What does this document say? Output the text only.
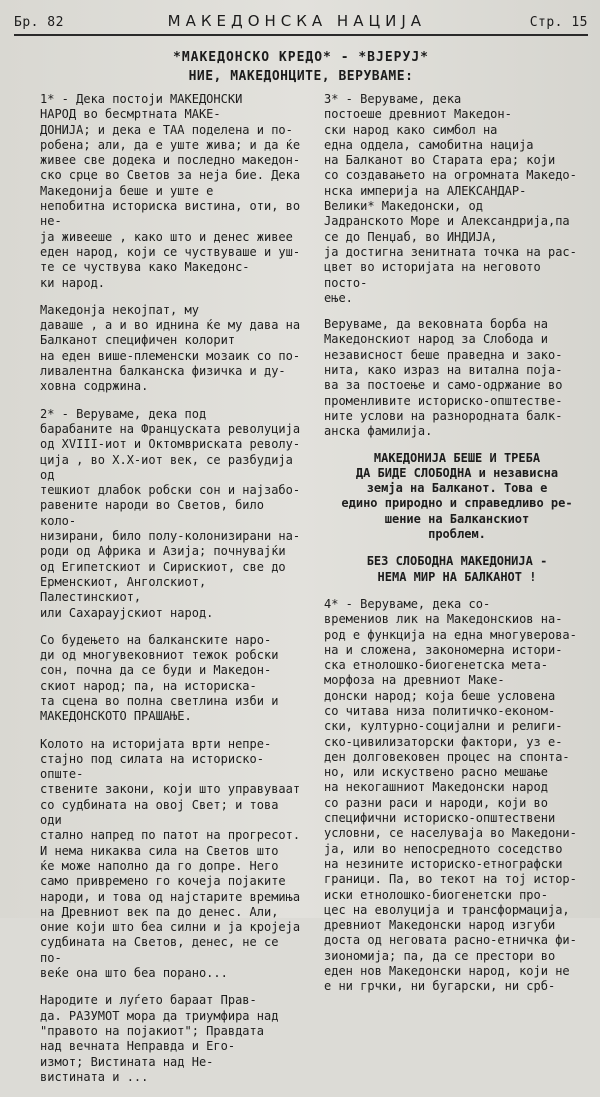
Бр. 82	МАКЕДОНСКА НАЦИЈА	Стр. 15
*МАКЕДОНСКО КРЕДО* - *ВЈЕРУЈ*
НИЕ, МАКЕДОНЦИТЕ, ВЕРУВАМЕ:

1* - Дека постоји МАКЕДОНСКИ
НАРОД во бесмртната МАКЕ-
ДОНИЈА; и дека е ТАА поделена и по-
робена; али, да е уште жива; и да ќе
живее све додека и последно македон-
ско срце во Светов за неја бие. Дека
Македонија беше и уште е
непобитна историска вистина, оти, во не-
ја живееше , како што и денес живее
еден народ, који се чуствуваше и уш-
те се чуствува како Македонс-
ки народ.

Македонја некојпат, му
даваше , а и во иднина ќе му дава на
Балканот специфичен колорит
на еден више-племенски мозаик со по-
ливалентна балканска физичка и ду-
ховна содржина.

2* - Веруваме, дека под
барабаните на Француската револуција
од XVIII-иот и Октомвриската револу-
ција , во X.X-иот век, се разбудија од
тешкиот длабок робски сон и најзабо-
равените народи во Светов, било коло-
низирани, било полу-колонизирани на-
роди од Африка и Азија; почнувајќи
од Египетскиот и Сирискиот, све до
Ерменскиот, Анголскиот, Палестинскиот,
или Сахараујскиот народ.

Со будењето на балканските наро-
ди од многувековниот тежок робски
сон, почна да се буди и Македон-
скиот народ; па, на историска-
та сцена во полна светлина изби и
МАКЕДОНСКОТО ПРАШАЊЕ.

Колото на историјата врти непре-
стајно под силата на историско-опште-
ствените закони, који што управуваат
со судбината на овој Свет; и това оди
стално напред по патот на прогресот.
И нема никаква сила на Светов што
ќе може наполно да го допре. Него
само привремено го кочеја појаките
народи, и това од најстарите времиња
на Древниот век па до денес. Али,
оние који што беа силни и ја кројеја
судбината на Светов, денес, не се по-
веќе она што беа порано...

Народите и луѓето бараат Прав-
да. РАЗУМОТ мора да триумфира над
"правото на појакиот"; Правдата
над вечната Неправда и Его-
измот; Вистината над Не-
вистината и ...

3* - Веруваме, дека
постоеше древниот Македон-
ски народ како симбол на
една оддела, самобитна нација
на Балканот во Старата ера; који
со создавањето на огромната Македо-
нска империја на АЛЕКСАНДАР-
Велики* Македонски, од
Јадранското Море и Александрија,па
се до Пенџаб, во ИНДИЈА,
ја достигна зенитната точка на рас-
цвет во историјата на неговото посто-
ење.

Веруваме, да вековната борба на
Македонскиот народ за Слобода и
независност беше праведна и зако-
нита, како израз на витална поја-
ва за постоење и само-одржание во
променливите историско-општестве-
ните услови на разнородната балк-
анска фамилија.

МАКЕДОНИЈА БЕШЕ И ТРЕБА
ДА БИДЕ СЛОБОДНА и независна
земја на Балканот. Това е
едино природно и справедливо ре-
шение на Балканскиот
проблем.

БЕЗ СЛОБОДНА МАКЕДОНИЈА -
НЕМА МИР НА БАЛКАНОТ !

4* - Веруваме, дека со-
времениов лик на Македонскиов на-
род е функција на една многуверова-
на и сложена, закономерна истори-
ска етнолошко-биогенетска мета-
морфоза на древниот Маке-
донски народ; која беше условена
со читава низа политичко-економ-
ски, културно-социјални и религи-
ско-цивилизаторски фактори, уз е-
ден долговековен процес на спонта-
но, или искуствено расно мешање
на некогашниот Македонски народ
со разни раси и народи, који во
специфични историско-општествени
условни, се населуваја во Македони-
ја, или во непосредното соседство
на незините историско-етнографски
граници. Па, во текот на тој истор-
иски етнолошко-биогенетски про-
цес на еволуција и трансформација,
древниот Македонски народ изгуби
доста од неговата расно-етничка фи-
зиономија; па, да се престори во
еден нов Македонски народ, који не
е ни грчки, ни бугарски, ни срб-
